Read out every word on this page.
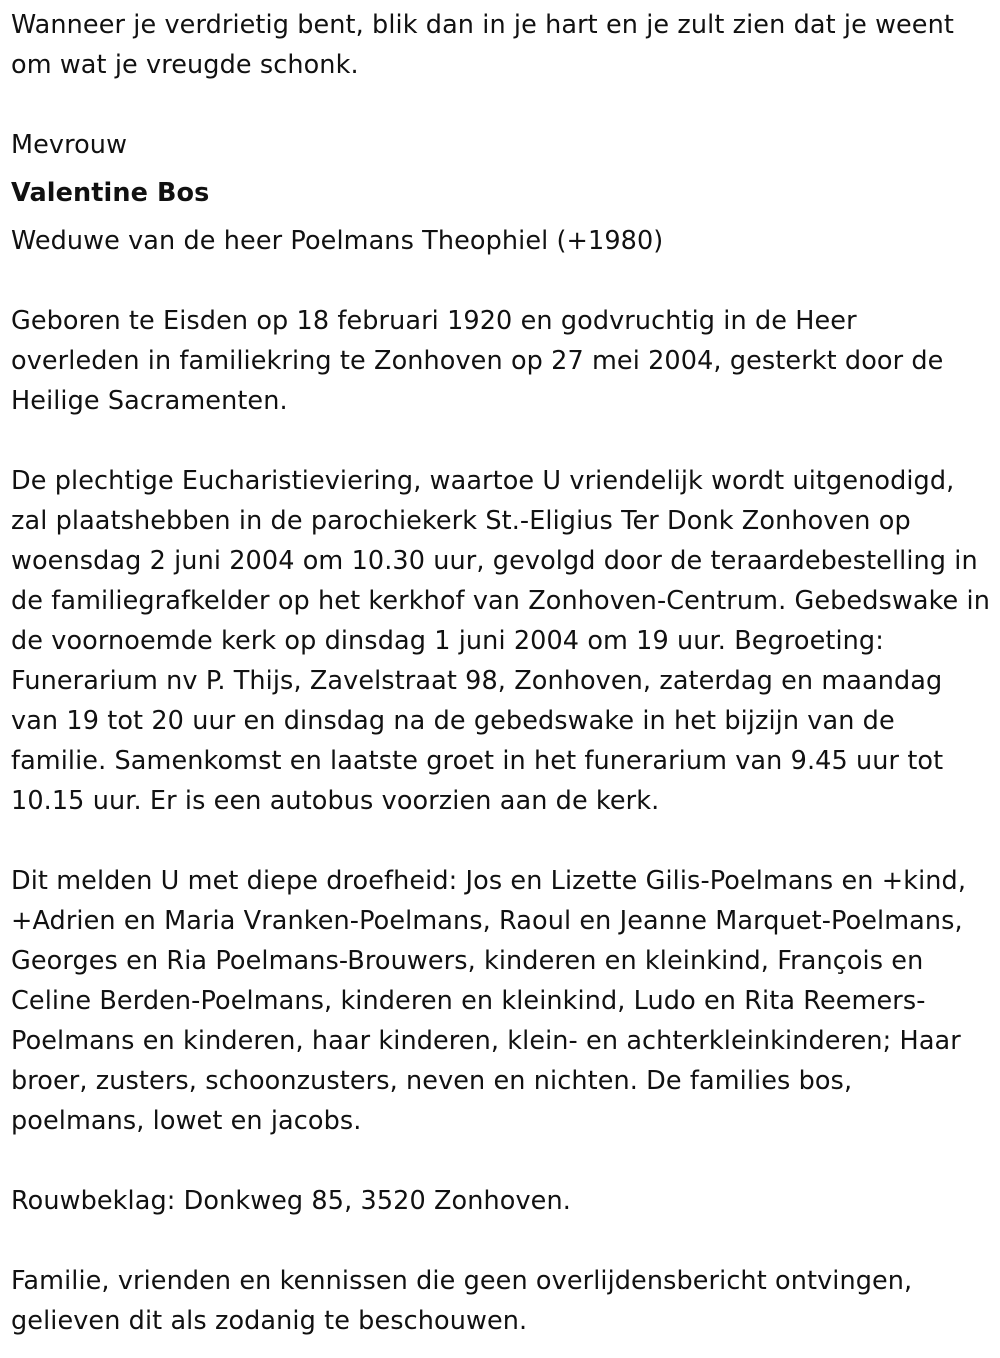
Wanneer je verdrietig bent, blik dan in je hart en je zult zien dat je weent om wat je vreugde schonk.

Mevrouw

Valentine Bos

Weduwe van de heer Poelmans Theophiel (+1980)

Geboren te Eisden op 18 februari 1920 en godvruchtig in de Heer overleden in familiekring te Zonhoven op 27 mei 2004, gesterkt door de Heilige Sacramenten.

De plechtige Eucharistieviering, waartoe U vriendelijk wordt uitgenodigd, zal plaatshebben in de parochiekerk St.-Eligius Ter Donk Zonhoven op woensdag 2 juni 2004 om 10.30 uur, gevolgd door de teraardebestelling in de familiegrafkelder op het kerkhof van Zonhoven-Centrum. Gebedswake in de voornoemde kerk op dinsdag 1 juni 2004 om 19 uur. Begroeting: Funerarium nv P. Thijs, Zavelstraat 98, Zonhoven, zaterdag en maandag van 19 tot 20 uur en dinsdag na de gebedswake in het bijzijn van de familie. Samenkomst en laatste groet in het funerarium van 9.45 uur tot 10.15 uur. Er is een autobus voorzien aan de kerk.

Dit melden U met diepe droefheid: Jos en Lizette Gilis-Poelmans en +kind, +Adrien en Maria Vranken-Poelmans, Raoul en Jeanne Marquet-Poelmans, Georges en Ria Poelmans-Brouwers, kinderen en kleinkind, François en Celine Berden-Poelmans, kinderen en kleinkind, Ludo en Rita Reemers-Poelmans en kinderen, haar kinderen, klein- en achterkleinkinderen; Haar broer, zusters, schoonzusters, neven en nichten. De families bos, poelmans, lowet en jacobs.

Rouwbeklag: Donkweg 85, 3520 Zonhoven.

Familie, vrienden en kennissen die geen overlijdensbericht ontvingen, gelieven dit als zodanig te beschouwen.
